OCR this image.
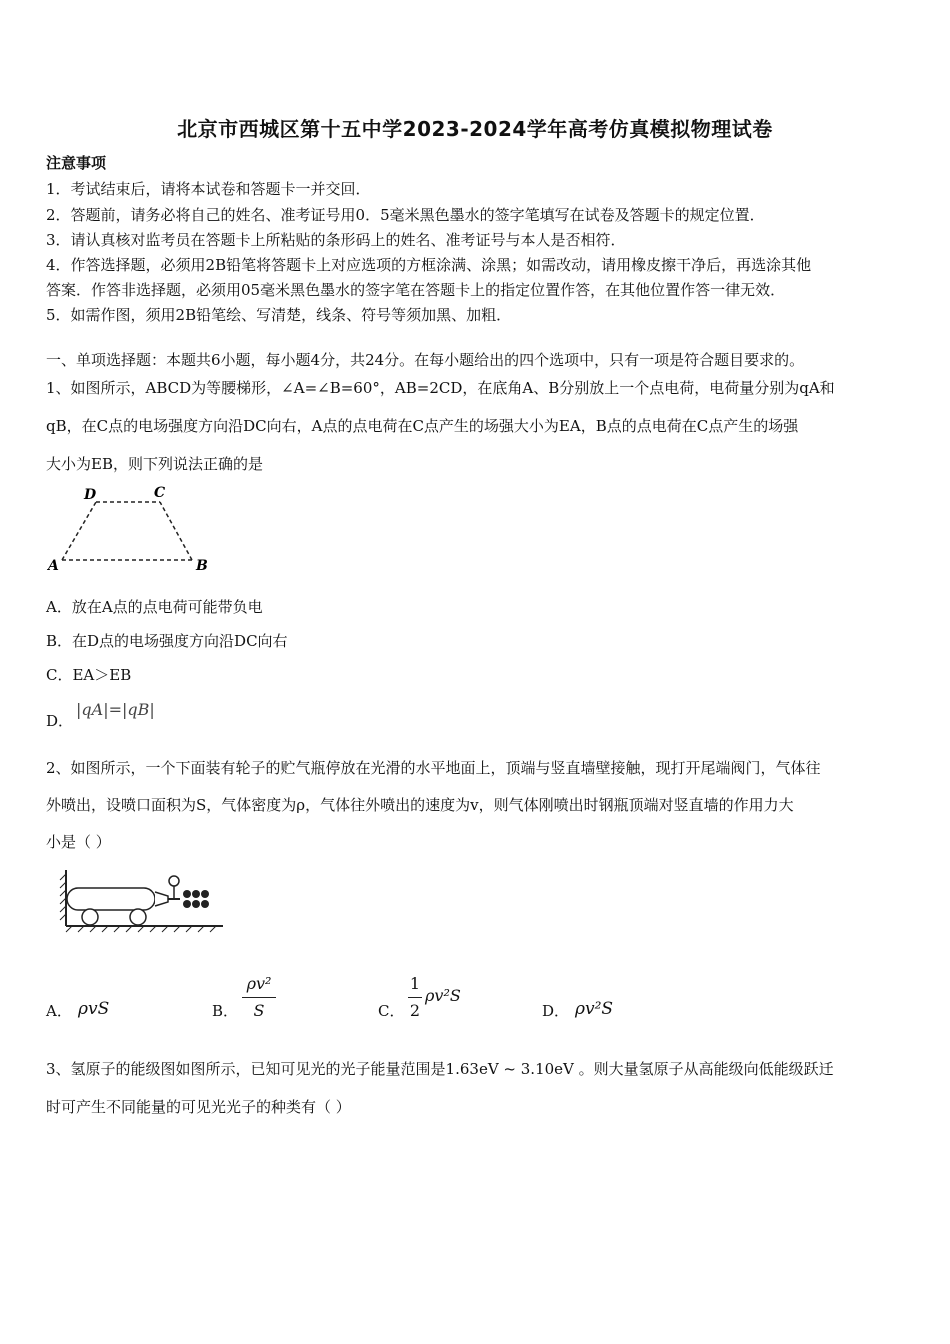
北京市西城区第十五中学2023-2024学年高考仿真模拟物理试卷
注意事项
1．考试结束后，请将本试卷和答题卡一并交回．
2．答题前，请务必将自己的姓名、准考证号用0．5毫米黑色墨水的签字笔填写在试卷及答题卡的规定位置．
3．请认真核对监考员在答题卡上所粘贴的条形码上的姓名、准考证号与本人是否相符．
4．作答选择题，必须用2B铅笔将答题卡上对应选项的方框涂满、涂黑；如需改动，请用橡皮擦干净后，再选涂其他
答案．作答非选择题，必须用05毫米黑色墨水的签字笔在答题卡上的指定位置作答，在其他位置作答一律无效．
5．如需作图，须用2B铅笔绘、写清楚，线条、符号等须加黑、加粗．
一、单项选择题：本题共6小题，每小题4分，共24分。在每小题给出的四个选项中，只有一项是符合题目要求的。
1、如图所示，ABCD为等腰梯形，∠A=∠B=60°，AB=2CD，在底角A、B分别放上一个点电荷，电荷量分别为qA和
qB，在C点的电场强度方向沿DC向右，A点的点电荷在C点产生的场强大小为EA，B点的点电荷在C点产生的场强
大小为EB，则下列说法正确的是
A	B
C
D
A．放在A点的点电荷可能带负电
B．在D点的电场强度方向沿DC向右
C．EA＞EB
D．
|qA|=|qB|
2、如图所示，一个下面装有轮子的贮气瓶停放在光滑的水平地面上，顶端与竖直墙壁接触，现打开尾端阀门，气体往
外喷出，设喷口面积为S，气体密度为ρ，气体往外喷出的速度为v，则气体刚喷出时钢瓶顶端对竖直墙的作用力大
小是（ ）
A． ρvS	B．
ρv²
S	C．
1
2
ρv²S
D． ρv²S
3、氢原子的能级图如图所示，已知可见光的光子能量范围是1.63eV ~ 3.10eV 。则大量氢原子从高能级向低能级跃迁
时可产生不同能量的可见光光子的种类有（ ）
